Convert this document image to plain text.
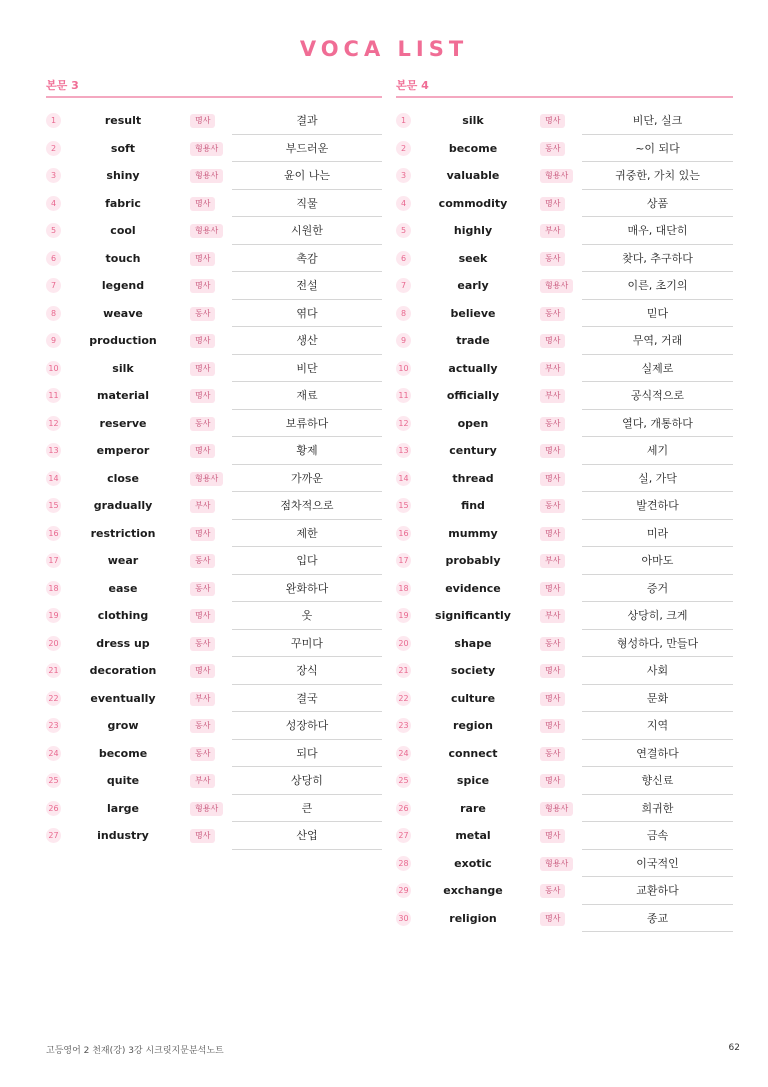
VOCA LIST
본문 3
1	result	명사	결과
2	soft	형용사	부드러운
3	shiny	형용사	윤이 나는
4	fabric	명사	직물
5	cool	형용사	시원한
6	touch	명사	촉감
7	legend	명사	전설
8	weave	동사	엮다
9	production	명사	생산
10	silk	명사	비단
11	material	명사	재료
12	reserve	동사	보류하다
13	emperor	명사	황제
14	close	형용사	가까운
15	gradually	부사	점차적으로
16	restriction	명사	제한
17	wear	동사	입다
18	ease	동사	완화하다
19	clothing	명사	옷
20	dress up	동사	꾸미다
21	decoration	명사	장식
22	eventually	부사	결국
23	grow	동사	성장하다
24	become	동사	되다
25	quite	부사	상당히
26	large	형용사	큰
27	industry	명사	산업
본문 4
1	silk	명사	비단, 실크
2	become	동사	~이 되다
3	valuable	형용사	귀중한, 가치 있는
4	commodity	명사	상품
5	highly	부사	매우, 대단히
6	seek	동사	찾다, 추구하다
7	early	형용사	이른, 초기의
8	believe	동사	믿다
9	trade	명사	무역, 거래
10	actually	부사	실제로
11	officially	부사	공식적으로
12	open	동사	열다, 개통하다
13	century	명사	세기
14	thread	명사	실, 가닥
15	find	동사	발견하다
16	mummy	명사	미라
17	probably	부사	아마도
18	evidence	명사	증거
19	significantly	부사	상당히, 크게
20	shape	동사	형성하다, 만들다
21	society	명사	사회
22	culture	명사	문화
23	region	명사	지역
24	connect	동사	연결하다
25	spice	명사	향신료
26	rare	형용사	희귀한
27	metal	명사	금속
28	exotic	형용사	이국적인
29	exchange	동사	교환하다
30	religion	명사	종교
고등영어 2 천재(강) 3강 시크릿지문분석노트	62
